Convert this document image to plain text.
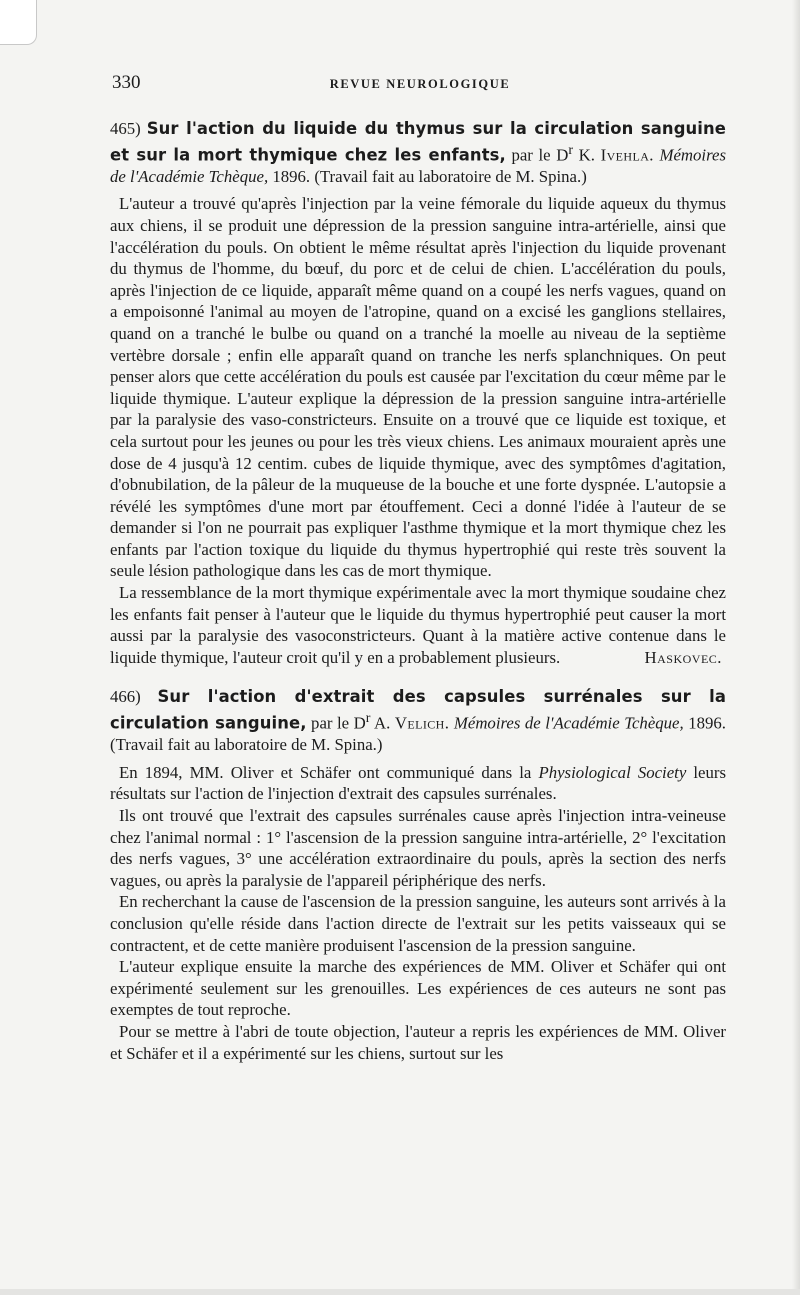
330	REVUE NEUROLOGIQUE

465) Sur l'action du liquide du thymus sur la circulation sanguine et sur la mort thymique chez les enfants, par le $D^r$ K. Ivehla. Mémoires de l'Académie Tchèque, 1896. (Travail fait au laboratoire de M. Spina.)

L'auteur a trouvé qu'après l'injection par la veine fémorale du liquide aqueux du thymus aux chiens, il se produit une dépression de la pression sanguine intra-artérielle, ainsi que l'accélération du pouls. On obtient le même résultat après l'injection du liquide provenant du thymus de l'homme, du bœuf, du porc et de celui de chien. L'accélération du pouls, après l'injection de ce liquide, apparaît même quand on a coupé les nerfs vagues, quand on a empoisonné l'animal au moyen de l'atropine, quand on a excisé les ganglions stellaires, quand on a tranché le bulbe ou quand on a tranché la moelle au niveau de la septième vertèbre dorsale ; enfin elle apparaît quand on tranche les nerfs splanchniques. On peut penser alors que cette accélération du pouls est causée par l'excitation du cœur même par le liquide thymique. L'auteur explique la dépression de la pression sanguine intra-artérielle par la paralysie des vaso-constricteurs. Ensuite on a trouvé que ce liquide est toxique, et cela surtout pour les jeunes ou pour les très vieux chiens. Les animaux mouraient après une dose de 4 jusqu'à 12 centim. cubes de liquide thymique, avec des symptômes d'agitation, d'obnubilation, de la pâleur de la muqueuse de la bouche et une forte dyspnée. L'autopsie a révélé les symptômes d'une mort par étouffement. Ceci a donné l'idée à l'auteur de se demander si l'on ne pourrait pas expliquer l'asthme thymique et la mort thymique chez les enfants par l'action toxique du liquide du thymus hypertrophié qui reste très souvent la seule lésion pathologique dans les cas de mort thymique.

La ressemblance de la mort thymique expérimentale avec la mort thymique soudaine chez les enfants fait penser à l'auteur que le liquide du thymus hypertrophié peut causer la mort aussi par la paralysie des vasoconstricteurs. Quant à la matière active contenue dans le liquide thymique, l'auteur croit qu'il y en a probablement plusieurs.	Haskovec.

466) Sur l'action d'extrait des capsules surrénales sur la circulation sanguine, par le $D^r$ A. Velich. Mémoires de l'Académie Tchèque, 1896. (Travail fait au laboratoire de M. Spina.)

En 1894, MM. Oliver et Schäfer ont communiqué dans la Physiological Society leurs résultats sur l'action de l'injection d'extrait des capsules surrénales.

Ils ont trouvé que l'extrait des capsules surrénales cause après l'injection intra-veineuse chez l'animal normal : 1° l'ascension de la pression sanguine intra-artérielle, 2° l'excitation des nerfs vagues, 3° une accélération extraordinaire du pouls, après la section des nerfs vagues, ou après la paralysie de l'appareil périphérique des nerfs.

En recherchant la cause de l'ascension de la pression sanguine, les auteurs sont arrivés à la conclusion qu'elle réside dans l'action directe de l'extrait sur les petits vaisseaux qui se contractent, et de cette manière produisent l'ascension de la pression sanguine.

L'auteur explique ensuite la marche des expériences de MM. Oliver et Schäfer qui ont expérimenté seulement sur les grenouilles. Les expériences de ces auteurs ne sont pas exemptes de tout reproche.

Pour se mettre à l'abri de toute objection, l'auteur a repris les expériences de MM. Oliver et Schäfer et il a expérimenté sur les chiens, surtout sur les
